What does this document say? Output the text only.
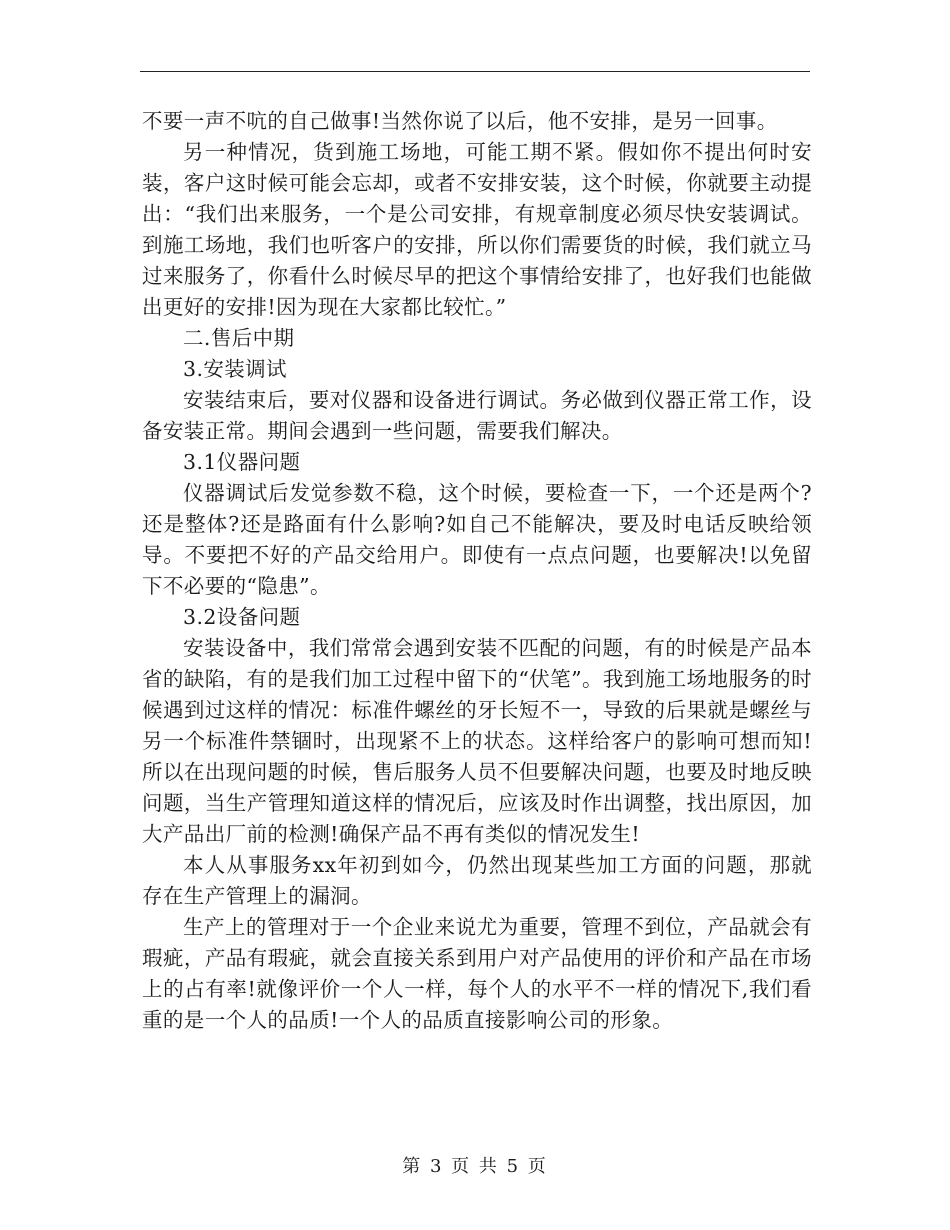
不要一声不吭的自己做事!当然你说了以后，他不安排，是另一回事。

另一种情况，货到施工场地，可能工期不紧。假如你不提出何时安装，客户这时候可能会忘却，或者不安排安装，这个时候，你就要主动提出：“我们出来服务，一个是公司安排，有规章制度必须尽快安装调试。到施工场地，我们也听客户的安排，所以你们需要货的时候，我们就立马过来服务了，你看什么时候尽早的把这个事情给安排了，也好我们也能做出更好的安排!因为现在大家都比较忙。”

二.售后中期

3.安装调试

安装结束后，要对仪器和设备进行调试。务必做到仪器正常工作，设备安装正常。期间会遇到一些问题，需要我们解决。

3.1仪器问题

仪器调试后发觉参数不稳，这个时候，要检查一下，一个还是两个?还是整体?还是路面有什么影响?如自己不能解决，要及时电话反映给领导。不要把不好的产品交给用户。即使有一点点问题，也要解决!以免留下不必要的“隐患”。

3.2设备问题

安装设备中，我们常常会遇到安装不匹配的问题，有的时候是产品本省的缺陷，有的是我们加工过程中留下的“伏笔”。我到施工场地服务的时候遇到过这样的情况：标准件螺丝的牙长短不一，导致的后果就是螺丝与另一个标准件禁锢时，出现紧不上的状态。这样给客户的影响可想而知!所以在出现问题的时候，售后服务人员不但要解决问题，也要及时地反映问题，当生产管理知道这样的情况后，应该及时作出调整，找出原因，加大产品出厂前的检测!确保产品不再有类似的情况发生!

本人从事服务xx年初到如今，仍然出现某些加工方面的问题，那就存在生产管理上的漏洞。

生产上的管理对于一个企业来说尤为重要，管理不到位，产品就会有瑕疵，产品有瑕疵，就会直接关系到用户对产品使用的评价和产品在市场上的占有率!就像评价一个人一样，每个人的水平不一样的情况下,我们看重的是一个人的品质!一个人的品质直接影响公司的形象。

第 3 页 共 5 页
